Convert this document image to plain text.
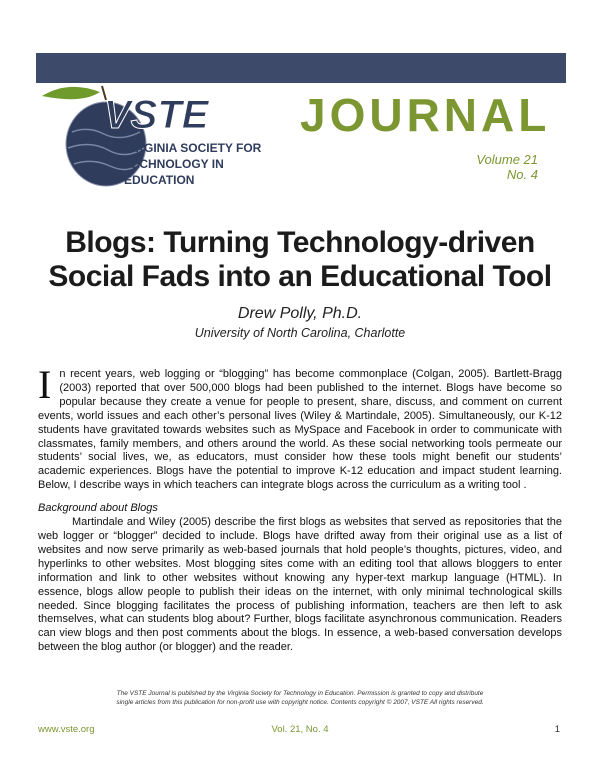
VSTE
VIRGINIA SOCIETY FOR
TECHNOLOGY IN
EDUCATION
JOURNAL
Volume 21
No. 4
Blogs: Turning Technology-driven
Social Fads into an Educational Tool
Drew Polly, Ph.D.
University of North Carolina, Charlotte

I n recent years, web logging or “blogging” has become commonplace (Colgan, 2005). Bartlett-Bragg (2003) reported that over 500,000 blogs had been published to the internet. Blogs have become so popular because they create a venue for people to present, share, discuss, and comment on current events, world issues and each other’s personal lives (Wiley & Martindale, 2005). Simultaneously, our K-12 students have gravitated towards websites such as MySpace and Facebook in order to communicate with classmates, family members, and others around the world. As these social networking tools permeate our students’ social lives, we, as educators, must consider how these tools might benefit our students’ academic experiences. Blogs have the potential to improve K-12 education and impact student learning. Below, I describe ways in which teachers can integrate blogs across the curriculum as a writing tool .

Background about Blogs

Martindale and Wiley (2005) describe the first blogs as websites that served as repositories that the web logger or “blogger” decided to include. Blogs have drifted away from their original use as a list of websites and now serve primarily as web-based journals that hold people’s thoughts, pictures, video, and hyperlinks to other websites. Most blogging sites come with an editing tool that allows bloggers to enter information and link to other websites without knowing any hyper-text markup language (HTML). In essence, blogs allow people to publish their ideas on the internet, with only minimal technological skills needed. Since blogging facilitates the process of publishing information, teachers are then left to ask themselves, what can students blog about? Further, blogs facilitate asynchronous communication. Readers can view blogs and then post comments about the blogs. In essence, a web-based conversation develops between the blog author (or blogger) and the reader.

The VSTE Journal is published by the Virginia Society for Technology in Education. Permission is granted to copy and distribute
single articles from this publication for non-profit use with copyright notice. Contents copyright © 2007, VSTE All rights reserved.
www.vste.org	Vol. 21, No. 4	1
